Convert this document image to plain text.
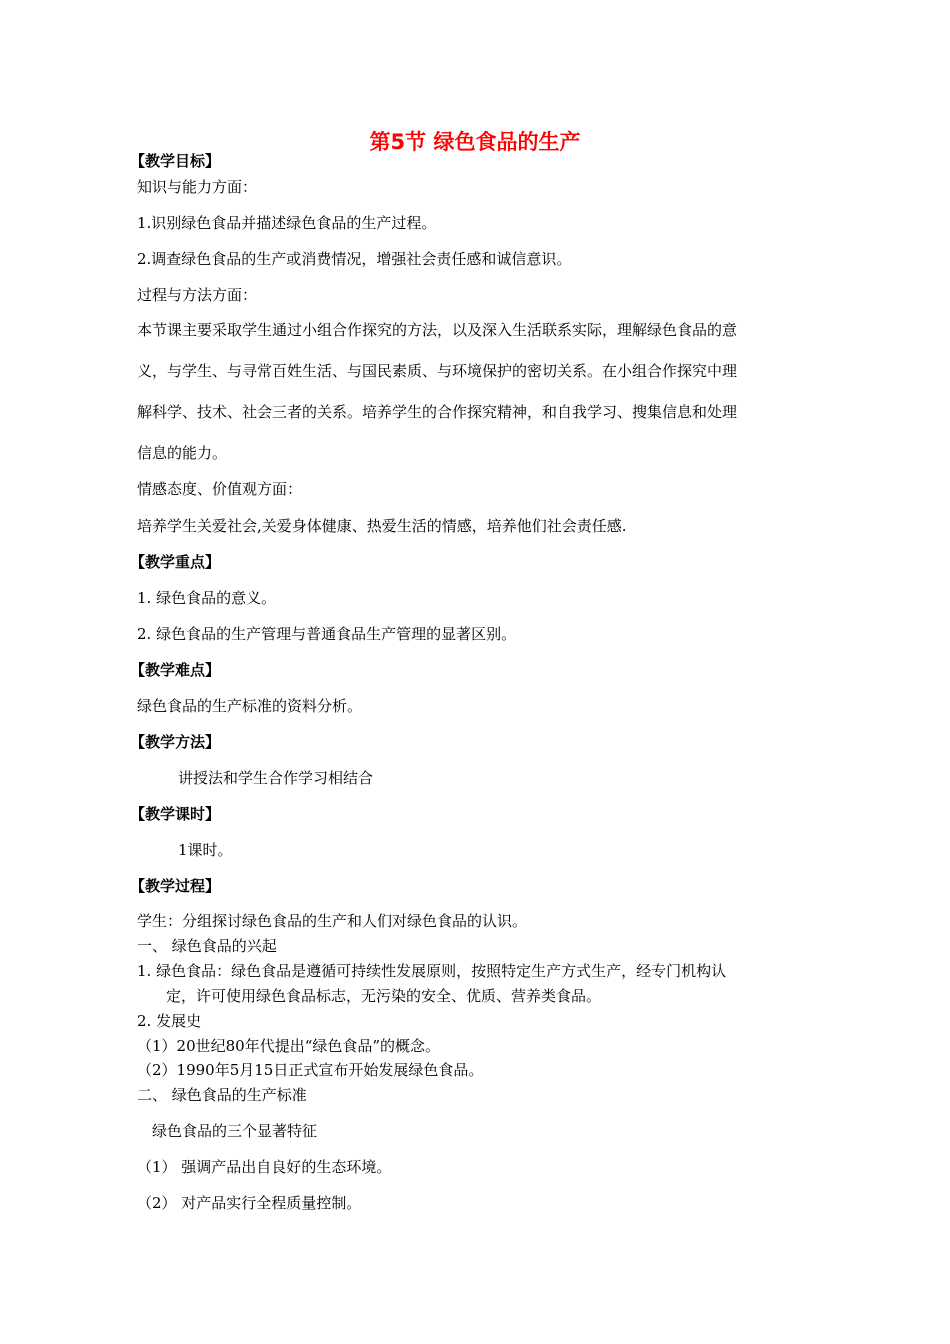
第5节 绿色食品的生产
【教学目标】
知识与能力方面：
1.识别绿色食品并描述绿色食品的生产过程。
2.调查绿色食品的生产或消费情况，增强社会责任感和诚信意识。
过程与方法方面：
本节课主要采取学生通过小组合作探究的方法，以及深入生活联系实际，理解绿色食品的意
义，与学生、与寻常百姓生活、与国民素质、与环境保护的密切关系。在小组合作探究中理
解科学、技术、社会三者的关系。培养学生的合作探究精神，和自我学习、搜集信息和处理
信息的能力。
情感态度、价值观方面：
培养学生关爱社会,关爱身体健康、热爱生活的情感，培养他们社会责任感.
【教学重点】
1. 绿色食品的意义。
2. 绿色食品的生产管理与普通食品生产管理的显著区别。
【教学难点】
绿色食品的生产标准的资料分析。
【教学方法】
讲授法和学生合作学习相结合
【教学课时】
1课时。
【教学过程】
学生：分组探讨绿色食品的生产和人们对绿色食品的认识。
一、 绿色食品的兴起
1. 绿色食品：绿色食品是遵循可持续性发展原则，按照特定生产方式生产，经专门机构认
定，许可使用绿色食品标志，无污染的安全、优质、营养类食品。
2. 发展史
（1）20世纪80年代提出“绿色食品”的概念。
（2）1990年5月15日正式宣布开始发展绿色食品。
二、 绿色食品的生产标准
绿色食品的三个显著特征
（1） 强调产品出自良好的生态环境。
（2） 对产品实行全程质量控制。
